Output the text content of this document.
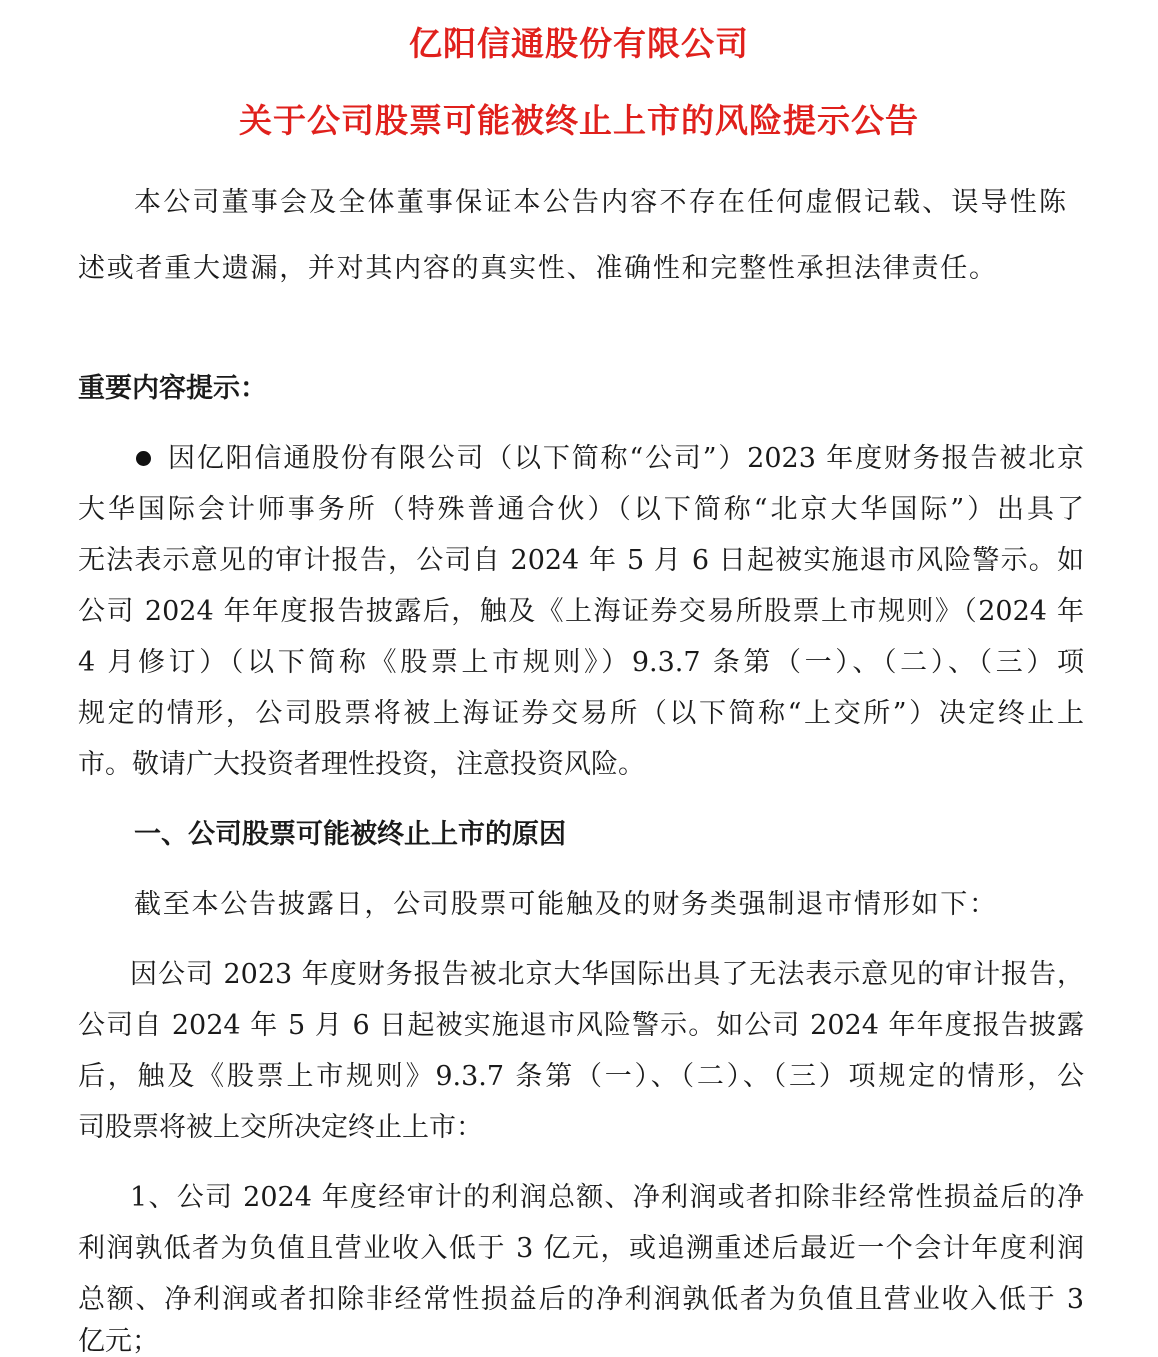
亿阳信通股份有限公司
关于公司股票可能被终止上市的风险提示公告
本公司董事会及全体董事保证本公告内容不存在任何虚假记载、误导性陈
述或者重大遗漏，并对其内容的真实性、准确性和完整性承担法律责任。
重要内容提示：
因亿阳信通股份有限公司（以下简称“公司”）2023 年度财务报告被北京
大华国际会计师事务所（特殊普通合伙）（以下简称“北京大华国际”）出具了
无法表示意见的审计报告，公司自 2024 年 5 月 6 日起被实施退市风险警示。如
公司 2024 年年度报告披露后，触及《上海证券交易所股票上市规则》（2024 年
4 月修订）（以下简称《股票上市规则》）9.3.7 条第（一）、（二）、（三）项
规定的情形，公司股票将被上海证券交易所（以下简称“上交所”）决定终止上
市。敬请广大投资者理性投资，注意投资风险。
一、公司股票可能被终止上市的原因
截至本公告披露日，公司股票可能触及的财务类强制退市情形如下：
因公司 2023 年度财务报告被北京大华国际出具了无法表示意见的审计报告，
公司自 2024 年 5 月 6 日起被实施退市风险警示。如公司 2024 年年度报告披露
后，触及《股票上市规则》9.3.7 条第（一）、（二）、（三）项规定的情形，公
司股票将被上交所决定终止上市：
1、公司 2024 年度经审计的利润总额、净利润或者扣除非经常性损益后的净
利润孰低者为负值且营业收入低于 3 亿元，或追溯重述后最近一个会计年度利润
总额、净利润或者扣除非经常性损益后的净利润孰低者为负值且营业收入低于 3
亿元；
